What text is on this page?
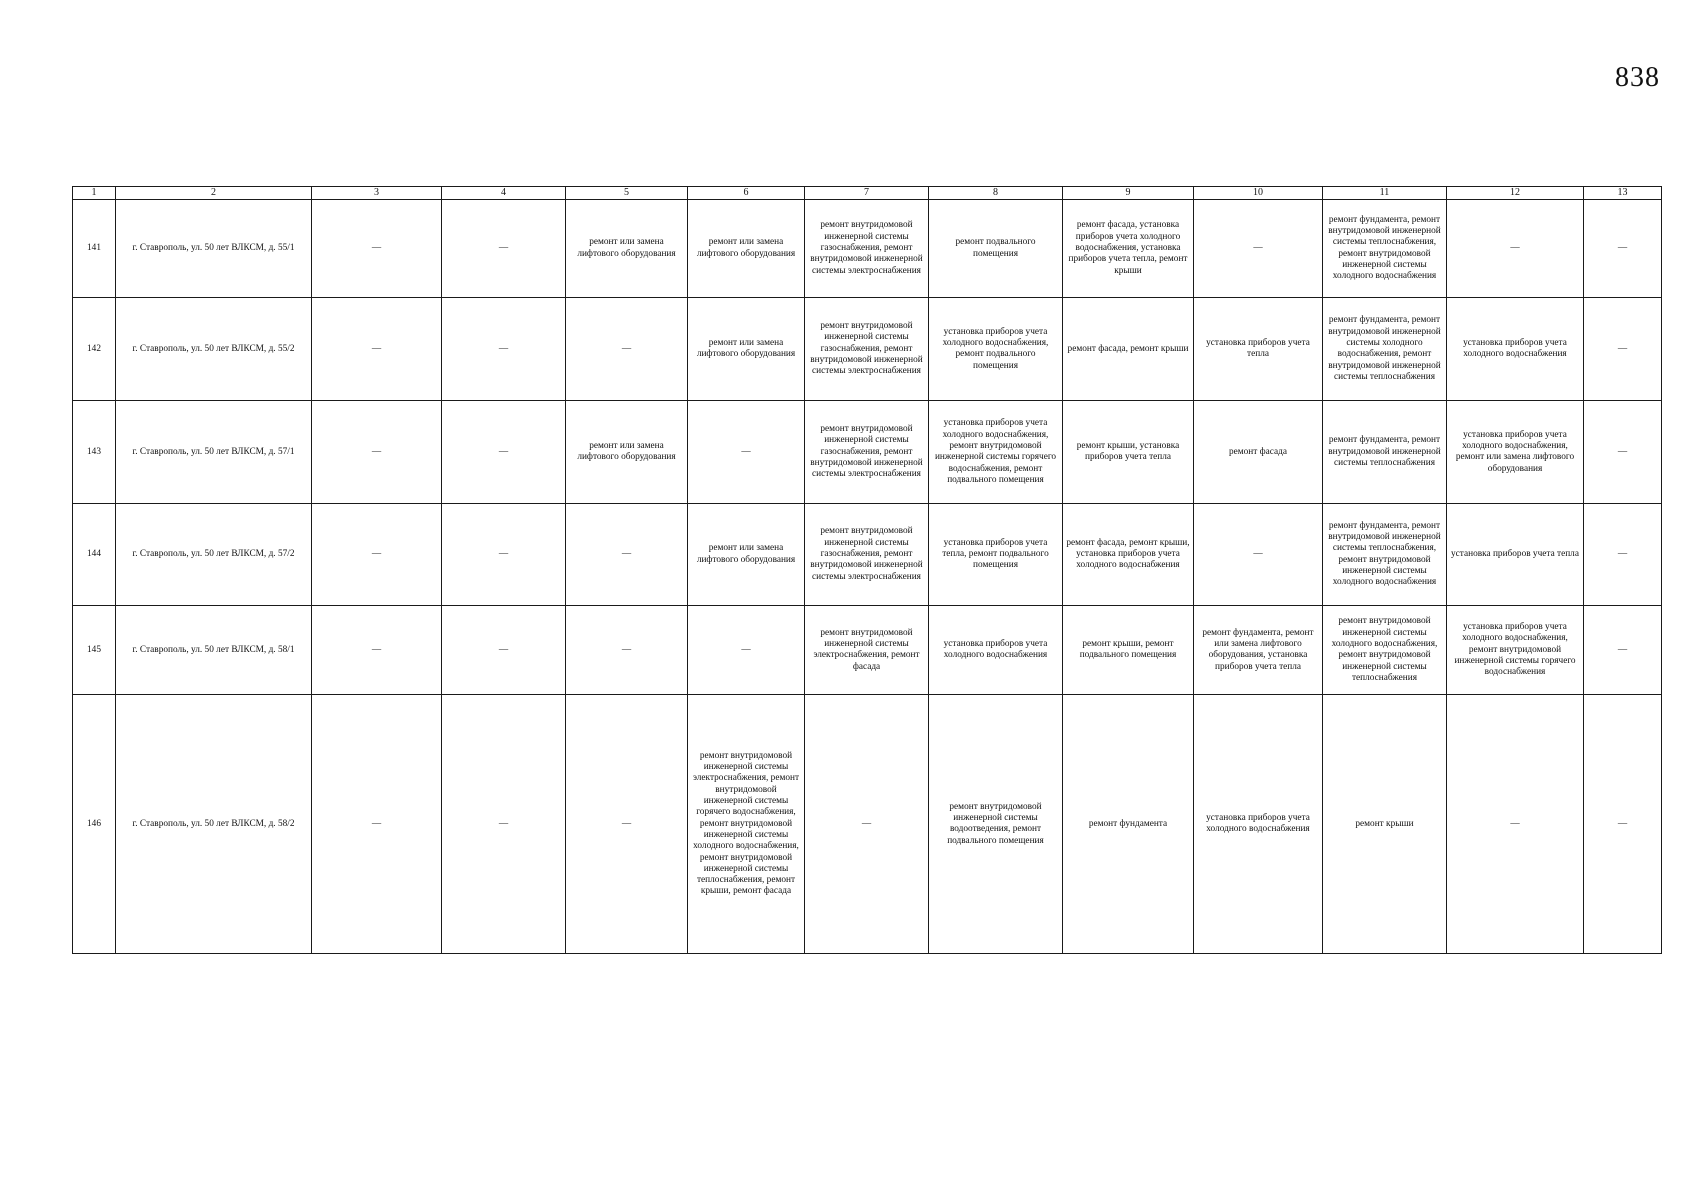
838
1	2	3	4	5	6	7	8	9	10	11	12	13
141	г. Ставрополь, ул. 50 лет ВЛКСМ, д. 55/1	—	—	ремонт или замена лифтового оборудования	ремонт или замена лифтового оборудования	ремонт внутридомовой инженерной системы газоснабжения, ремонт внутридомовой инженерной системы электроснабжения	ремонт подвального помещения	ремонт фасада, установка приборов учета холодного водоснабжения, установка приборов учета тепла, ремонт крыши	—	ремонт фундамента, ремонт внутридомовой инженерной системы теплоснабжения, ремонт внутридомовой инженерной системы холодного водоснабжения	—	—
142	г. Ставрополь, ул. 50 лет ВЛКСМ, д. 55/2	—	—	—	ремонт или замена лифтового оборудования	ремонт внутридомовой инженерной системы газоснабжения, ремонт внутридомовой инженерной системы электроснабжения	установка приборов учета холодного водоснабжения, ремонт подвального помещения	ремонт фасада, ремонт крыши	установка приборов учета тепла	ремонт фундамента, ремонт внутридомовой инженерной системы холодного водоснабжения, ремонт внутридомовой инженерной системы теплоснабжения	установка приборов учета холодного водоснабжения	—
143	г. Ставрополь, ул. 50 лет ВЛКСМ, д. 57/1	—	—	ремонт или замена лифтового оборудования	—	ремонт внутридомовой инженерной системы газоснабжения, ремонт внутридомовой инженерной системы электроснабжения	установка приборов учета холодного водоснабжения, ремонт внутридомовой инженерной системы горячего водоснабжения, ремонт подвального помещения	ремонт крыши, установка приборов учета тепла	ремонт фасада	ремонт фундамента, ремонт внутридомовой инженерной системы теплоснабжения	установка приборов учета холодного водоснабжения, ремонт или замена лифтового оборудования	—
144	г. Ставрополь, ул. 50 лет ВЛКСМ, д. 57/2	—	—	—	ремонт или замена лифтового оборудования	ремонт внутридомовой инженерной системы газоснабжения, ремонт внутридомовой инженерной системы электроснабжения	установка приборов учета тепла, ремонт подвального помещения	ремонт фасада, ремонт крыши, установка приборов учета холодного водоснабжения	—	ремонт фундамента, ремонт внутридомовой инженерной системы теплоснабжения, ремонт внутридомовой инженерной системы холодного водоснабжения	установка приборов учета тепла	—
145	г. Ставрополь, ул. 50 лет ВЛКСМ, д. 58/1	—	—	—	—	ремонт внутридомовой инженерной системы электроснабжения, ремонт фасада	установка приборов учета холодного водоснабжения	ремонт крыши, ремонт подвального помещения	ремонт фундамента, ремонт или замена лифтового оборудования, установка приборов учета тепла	ремонт внутридомовой инженерной системы холодного водоснабжения, ремонт внутридомовой инженерной системы теплоснабжения	установка приборов учета холодного водоснабжения, ремонт внутридомовой инженерной системы горячего водоснабжения	—
146	г. Ставрополь, ул. 50 лет ВЛКСМ, д. 58/2	—	—	—	ремонт внутридомовой инженерной системы электроснабжения, ремонт внутридомовой инженерной системы горячего водоснабжения, ремонт внутридомовой инженерной системы холодного водоснабжения, ремонт внутридомовой инженерной системы теплоснабжения, ремонт крыши, ремонт фасада	—	ремонт внутридомовой инженерной системы водоотведения, ремонт подвального помещения	ремонт фундамента	установка приборов учета холодного водоснабжения	ремонт крыши	—	—
